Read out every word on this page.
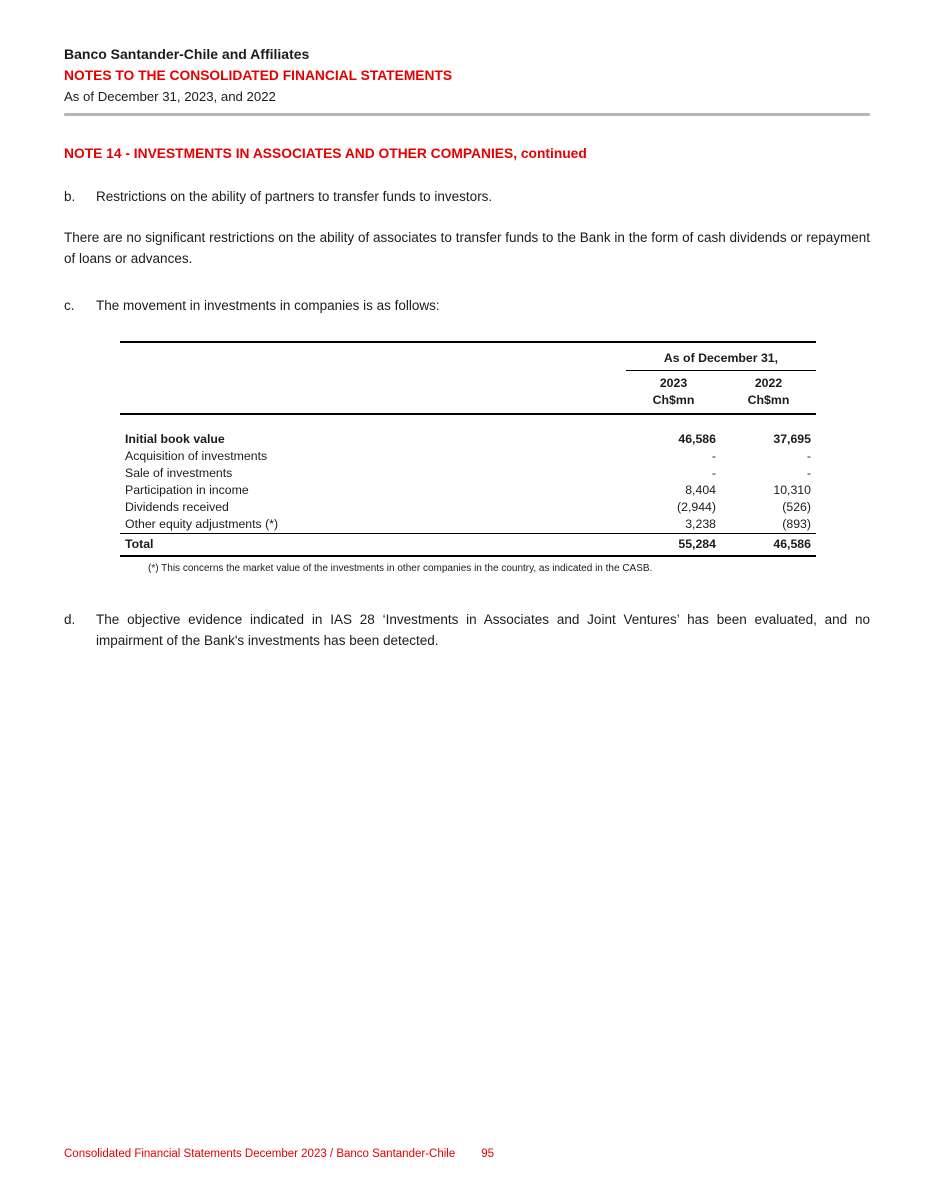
Banco Santander-Chile and Affiliates
NOTES TO THE CONSOLIDATED FINANCIAL STATEMENTS
As of December 31, 2023, and 2022
NOTE 14 - INVESTMENTS IN ASSOCIATES AND OTHER COMPANIES, continued
b.	Restrictions on the ability of partners to transfer funds to investors.

There are no significant restrictions on the ability of associates to transfer funds to the Bank in the form of cash dividends or repayment of loans or advances.

c.	The movement in investments in companies is as follows:
	As of December 31,	

2023
Ch$mn

2022
Ch$mn

Initial book value	46,586	37,695
Acquisition of investments	-	-
Sale of investments	-	-
Participation in income	8,404	10,310
Dividends received	(2,944)	(526)
Other equity adjustments (*)	3,238	(893)
Total	55,284	46,586
(*) This concerns the market value of the investments in other companies in the country, as indicated in the CASB.
d.	The objective evidence indicated in IAS 28 ‘Investments in Associates and Joint Ventures’ has been evaluated, and no impairment of the Bank's investments has been detected.
Consolidated Financial Statements December 2023 / Banco Santander-Chile 95
